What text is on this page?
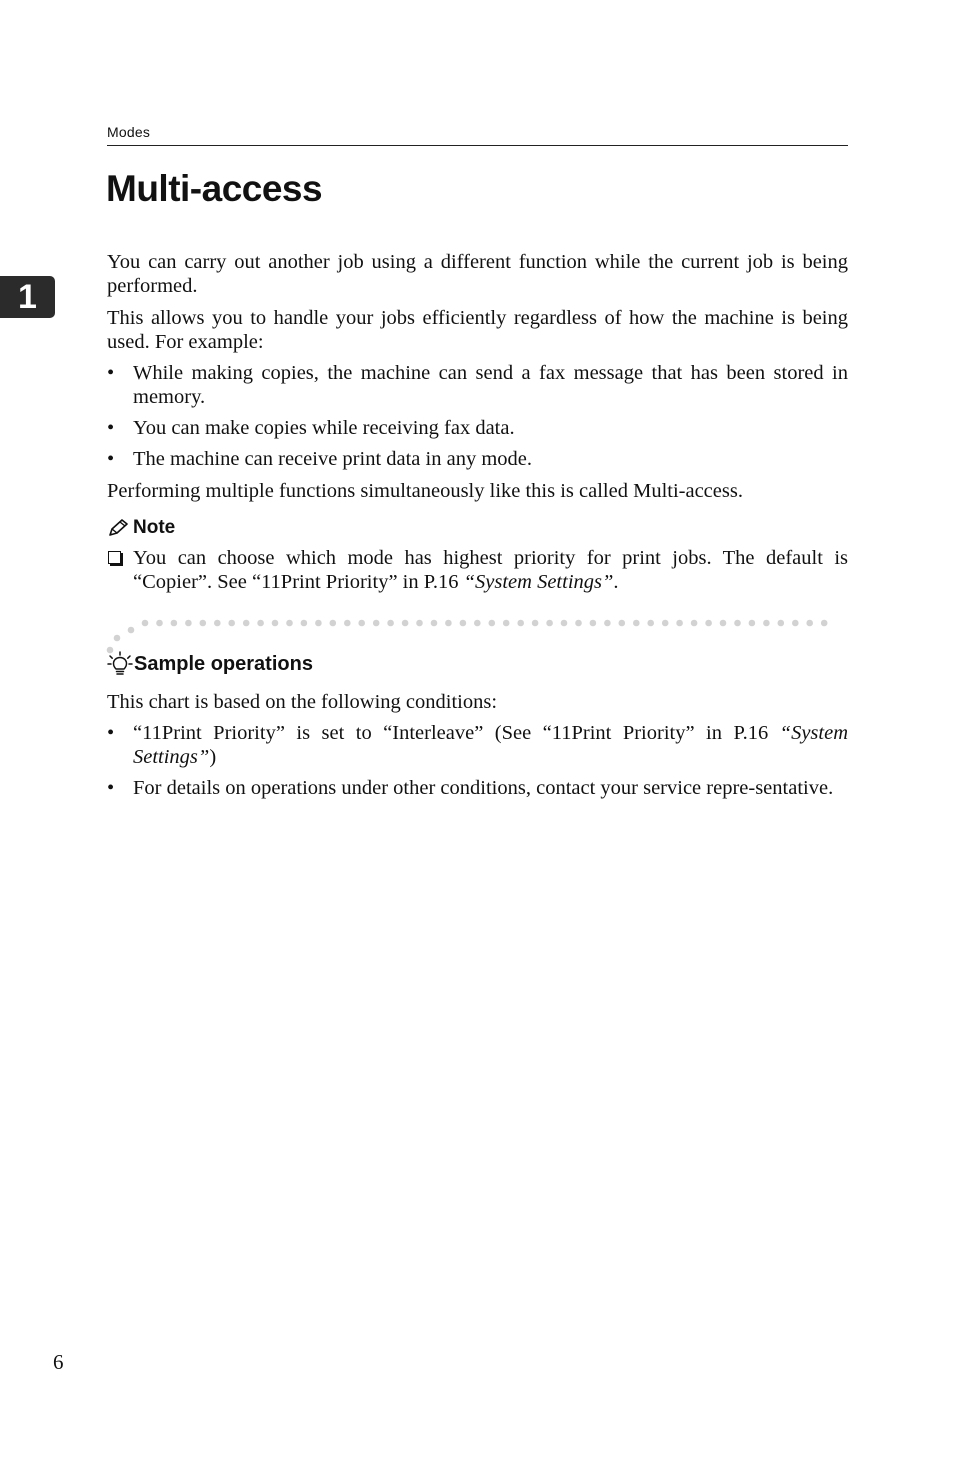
Modes
Multi-access
1

You can carry out another job using a different function while the current job is being performed.

This allows you to handle your jobs efficiently regardless of how the machine is being used. For example:

• While making copies, the machine can send a fax message that has been stored in memory.
• You can make copies while receiving fax data.
• The machine can receive print data in any mode.

Performing multiple functions simultaneously like this is called Multi-access.

Note
You can choose which mode has highest priority for print jobs. The default is “Copier”. See “11Print Priority” in P.16 “System Settings”.
Sample operations

This chart is based on the following conditions:

• “11Print Priority” is set to “Interleave” (See “11Print Priority” in P.16 “System Settings”)
• For details on operations under other conditions, contact your service repre-sentative.
6
